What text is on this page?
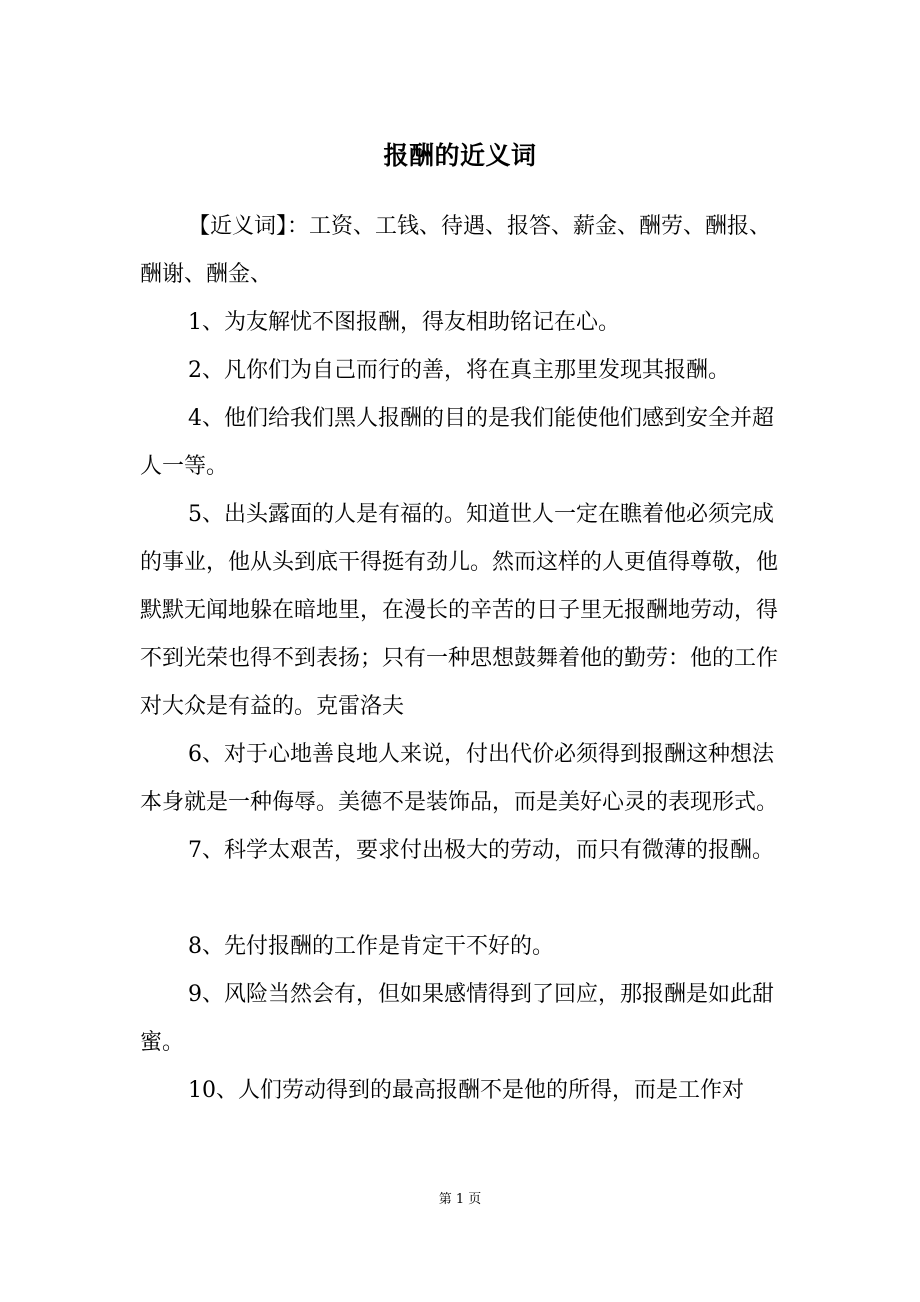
报酬的近义词

【近义词】：工资、工钱、待遇、报答、薪金、酬劳、酬报、酬谢、酬金、

1、为友解忧不图报酬，得友相助铭记在心。

2、凡你们为自己而行的善，将在真主那里发现其报酬。

4、他们给我们黑人报酬的目的是我们能使他们感到安全并超人一等。

5、出头露面的人是有福的。知道世人一定在瞧着他必须完成的事业，他从头到底干得挺有劲儿。然而这样的人更值得尊敬，他默默无闻地躲在暗地里，在漫长的辛苦的日子里无报酬地劳动，得不到光荣也得不到表扬；只有一种思想鼓舞着他的勤劳：他的工作对大众是有益的。克雷洛夫

6、对于心地善良地人来说，付出代价必须得到报酬这种想法本身就是一种侮辱。美德不是装饰品，而是美好心灵的表现形式。

7、科学太艰苦，要求付出极大的劳动，而只有微薄的报酬。

8、先付报酬的工作是肯定干不好的。

9、风险当然会有，但如果感情得到了回应，那报酬是如此甜蜜。

10、人们劳动得到的最高报酬不是他的所得，而是工作对

第 1 页
